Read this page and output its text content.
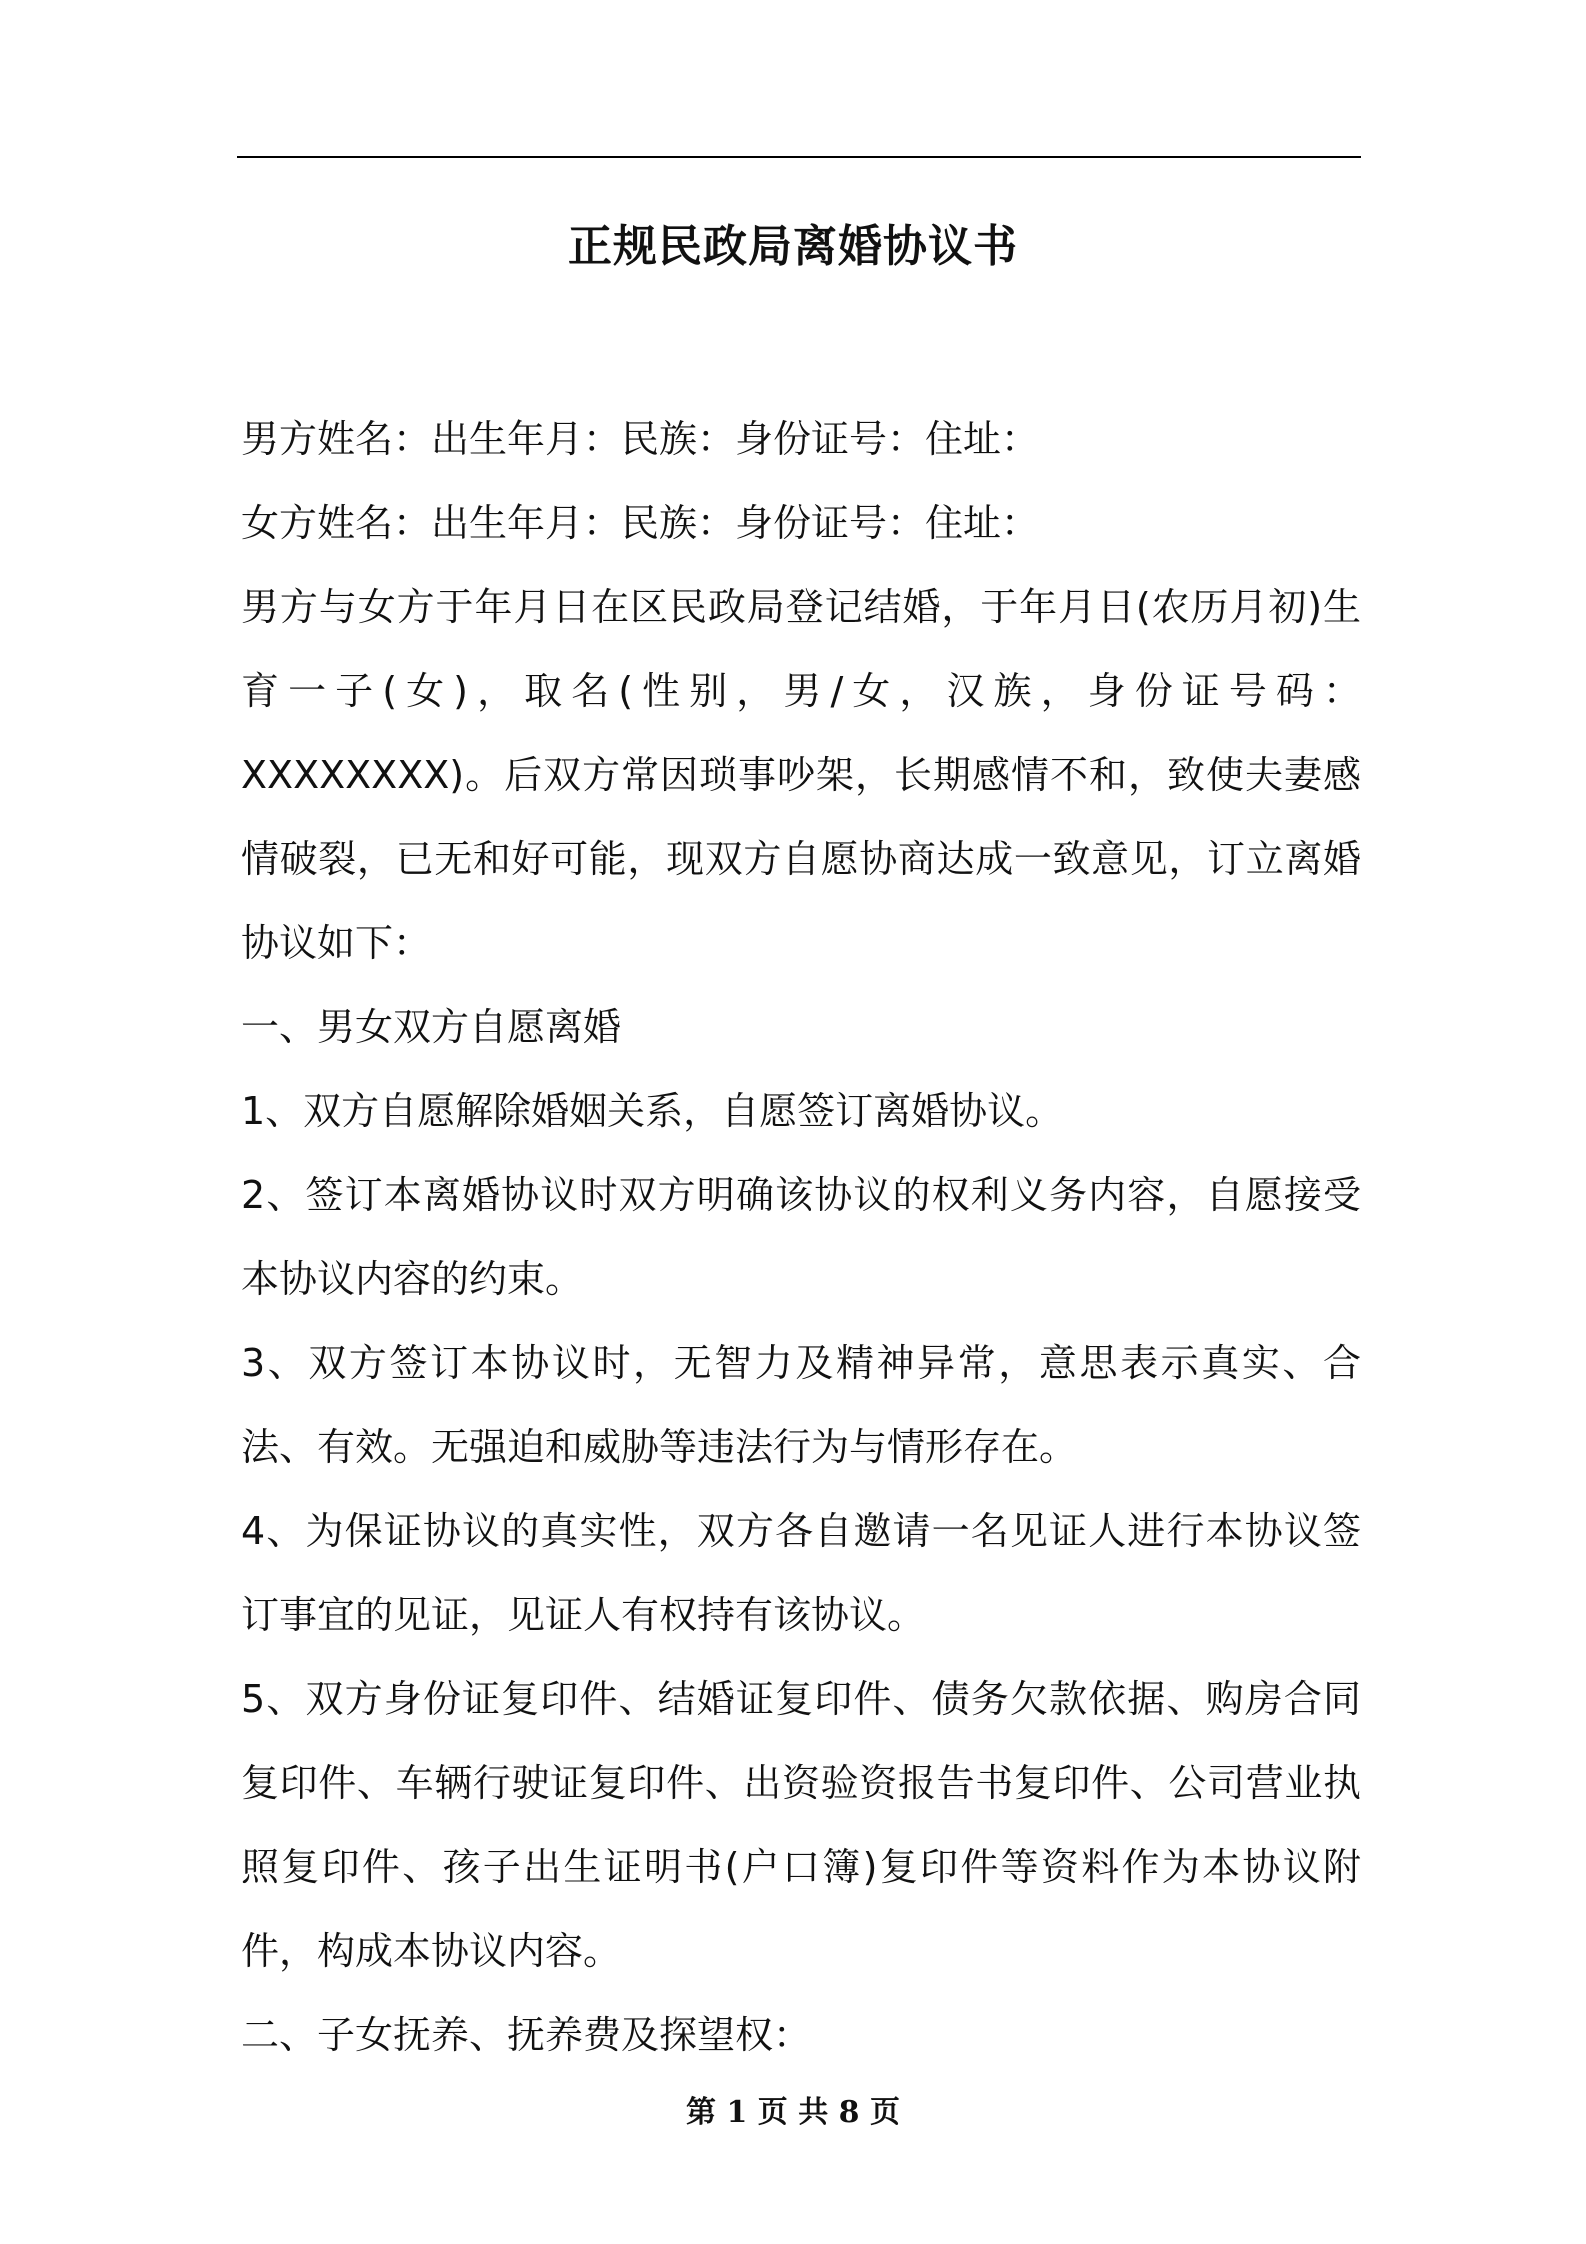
正规民政局离婚协议书

男方姓名：出生年月：民族：身份证号：住址：

女方姓名：出生年月：民族：身份证号：住址：

男方与女方于年月日在区民政局登记结婚，于年月日(农历月初)生育一子(女)，取名(性别，男/女，汉族，身份证号码：XXXXXXXX)。后双方常因琐事吵架，长期感情不和，致使夫妻感情破裂，已无和好可能，现双方自愿协商达成一致意见，订立离婚协议如下：

一、男女双方自愿离婚

1、双方自愿解除婚姻关系，自愿签订离婚协议。

2、签订本离婚协议时双方明确该协议的权利义务内容，自愿接受本协议内容的约束。

3、双方签订本协议时，无智力及精神异常，意思表示真实、合法、有效。无强迫和威胁等违法行为与情形存在。

4、为保证协议的真实性，双方各自邀请一名见证人进行本协议签订事宜的见证，见证人有权持有该协议。

5、双方身份证复印件、结婚证复印件、债务欠款依据、购房合同复印件、车辆行驶证复印件、出资验资报告书复印件、公司营业执照复印件、孩子出生证明书(户口簿)复印件等资料作为本协议附件，构成本协议内容。

二、子女抚养、抚养费及探望权：

第 1 页 共 8 页
